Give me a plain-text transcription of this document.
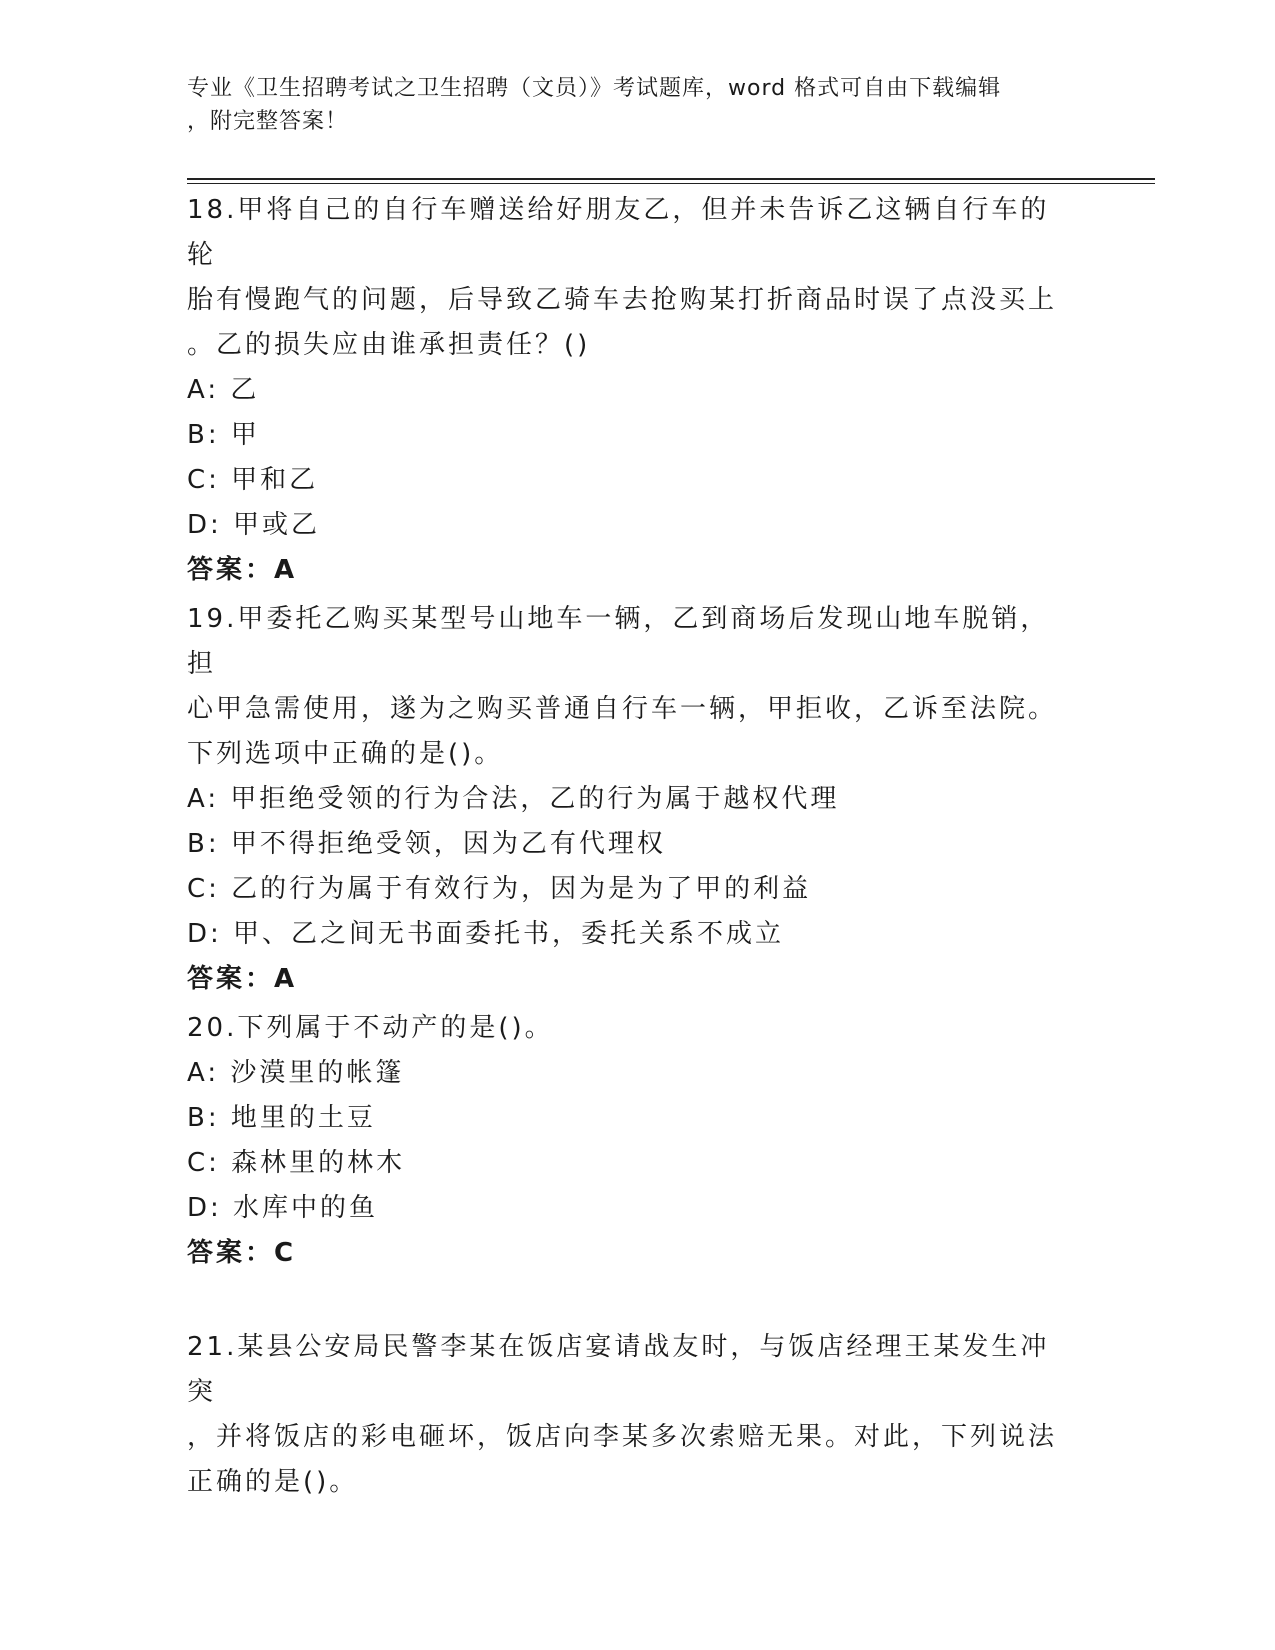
专业《卫生招聘考试之卫生招聘（文员）》考试题库，word 格式可自由下载编辑
，附完整答案！

18.甲将自己的自行车赠送给好朋友乙，但并未告诉乙这辆自行车的轮
胎有慢跑气的问题，后导致乙骑车去抢购某打折商品时误了点没买上
。乙的损失应由谁承担责任？()

A: 乙

B: 甲

C: 甲和乙

D: 甲或乙

答案：A

19.甲委托乙购买某型号山地车一辆，乙到商场后发现山地车脱销，担
心甲急需使用，遂为之购买普通自行车一辆，甲拒收，乙诉至法院。
下列选项中正确的是()。

A: 甲拒绝受领的行为合法，乙的行为属于越权代理

B: 甲不得拒绝受领，因为乙有代理权

C: 乙的行为属于有效行为，因为是为了甲的利益

D: 甲、乙之间无书面委托书，委托关系不成立

答案：A

20.下列属于不动产的是()。

A: 沙漠里的帐篷

B: 地里的土豆

C: 森林里的林木

D: 水库中的鱼

答案：C

21.某县公安局民警李某在饭店宴请战友时，与饭店经理王某发生冲突
，并将饭店的彩电砸坏，饭店向李某多次索赔无果。对此，下列说法
正确的是()。
